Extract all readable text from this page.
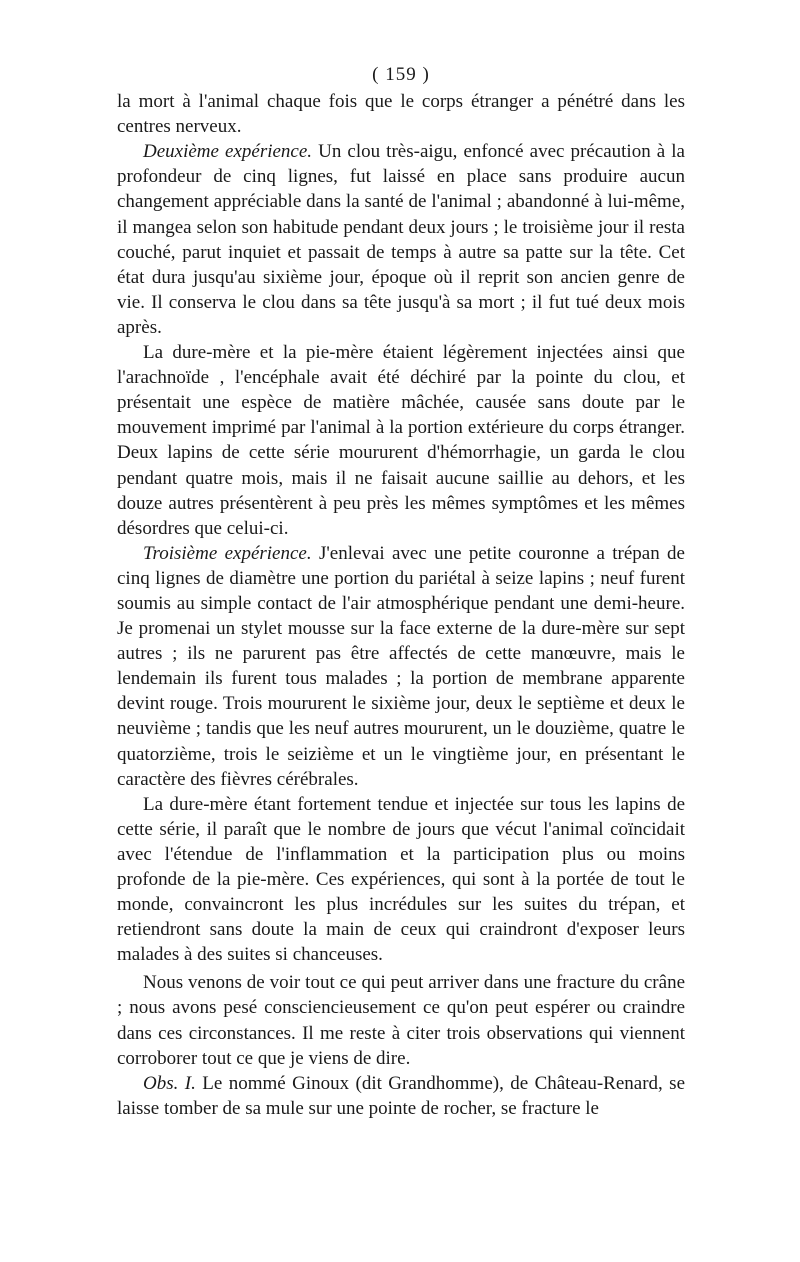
( 159 )

la mort à l'animal chaque fois que le corps étranger a pénétré dans les centres nerveux.

Deuxième expérience. Un clou très-aigu, enfoncé avec précaution à la profondeur de cinq lignes, fut laissé en place sans produire aucun changement appréciable dans la santé de l'animal ; abandonné à lui-même, il mangea selon son habitude pendant deux jours ; le troisième jour il resta couché, parut inquiet et passait de temps à autre sa patte sur la tête. Cet état dura jusqu'au sixième jour, époque où il reprit son ancien genre de vie. Il conserva le clou dans sa tête jusqu'à sa mort ; il fut tué deux mois après.

La dure-mère et la pie-mère étaient légèrement injectées ainsi que l'arachnoïde , l'encéphale avait été déchiré par la pointe du clou, et présentait une espèce de matière mâchée, causée sans doute par le mouvement imprimé par l'animal à la portion extérieure du corps étranger. Deux lapins de cette série moururent d'hémorrhagie, un garda le clou pendant quatre mois, mais il ne faisait aucune saillie au dehors, et les douze autres présentèrent à peu près les mêmes symptômes et les mêmes désordres que celui-ci.

Troisième expérience. J'enlevai avec une petite couronne a trépan de cinq lignes de diamètre une portion du pariétal à seize lapins ; neuf furent soumis au simple contact de l'air atmosphérique pendant une demi-heure. Je promenai un stylet mousse sur la face externe de la dure-mère sur sept autres ; ils ne parurent pas être affectés de cette manœuvre, mais le lendemain ils furent tous malades ; la portion de membrane apparente devint rouge. Trois moururent le sixième jour, deux le septième et deux le neuvième ; tandis que les neuf autres moururent, un le douzième, quatre le quatorzième, trois le seizième et un le vingtième jour, en présentant le caractère des fièvres cérébrales.

La dure-mère étant fortement tendue et injectée sur tous les lapins de cette série, il paraît que le nombre de jours que vécut l'animal coïncidait avec l'étendue de l'inflammation et la participation plus ou moins profonde de la pie-mère. Ces expériences, qui sont à la portée de tout le monde, convaincront les plus incrédules sur les suites du trépan, et retiendront sans doute la main de ceux qui craindront d'exposer leurs malades à des suites si chanceuses.

Nous venons de voir tout ce qui peut arriver dans une fracture du crâne ; nous avons pesé consciencieusement ce qu'on peut espérer ou craindre dans ces circonstances. Il me reste à citer trois observations qui viennent corroborer tout ce que je viens de dire.

Obs. I. Le nommé Ginoux (dit Grandhomme), de Château-Renard, se laisse tomber de sa mule sur une pointe de rocher, se fracture le
